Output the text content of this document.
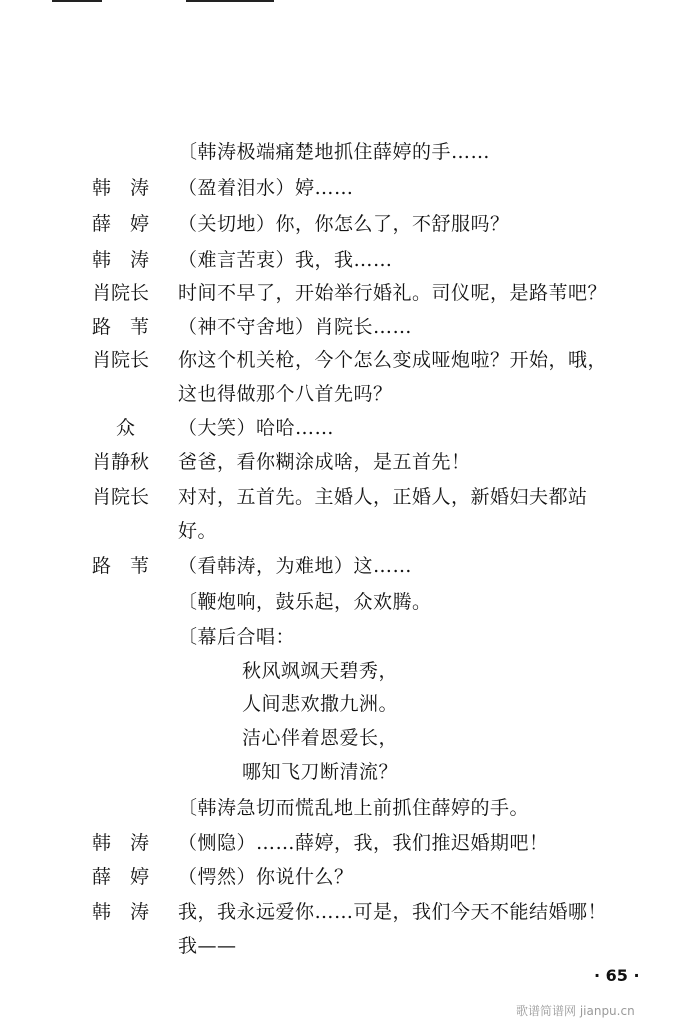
〔韩涛极端痛楚地抓住薛婷的手……
韩　涛 （盈着泪水）婷……
薛　婷 （关切地）你，你怎么了，不舒服吗？
韩　涛 （难言苦衷）我，我……
肖院长 时间不早了，开始举行婚礼。司仪呢，是路苇吧？
路　苇 （神不守舍地）肖院长……
肖院长 你这个机关枪，今个怎么变成哑炮啦？开始，哦，
这也得做那个八首先吗？
众 （大笑）哈哈……
肖静秋 爸爸，看你糊涂成啥，是五首先！
肖院长 对对，五首先。主婚人，正婚人，新婚妇夫都站
好。
路　苇 （看韩涛，为难地）这……
〔鞭炮响，鼓乐起，众欢腾。
〔幕后合唱：
秋风飒飒天碧秀，
人间悲欢撒九洲。
洁心伴着恩爱长，
哪知飞刀断清流？
〔韩涛急切而慌乱地上前抓住薛婷的手。
韩　涛 （恻隐）……薛婷，我，我们推迟婚期吧！
薛　婷 （愕然）你说什么？
韩　涛 我，我永远爱你……可是，我们今天不能结婚哪！
我——
· 65 ·
歌谱简谱网 jianpu.cn
